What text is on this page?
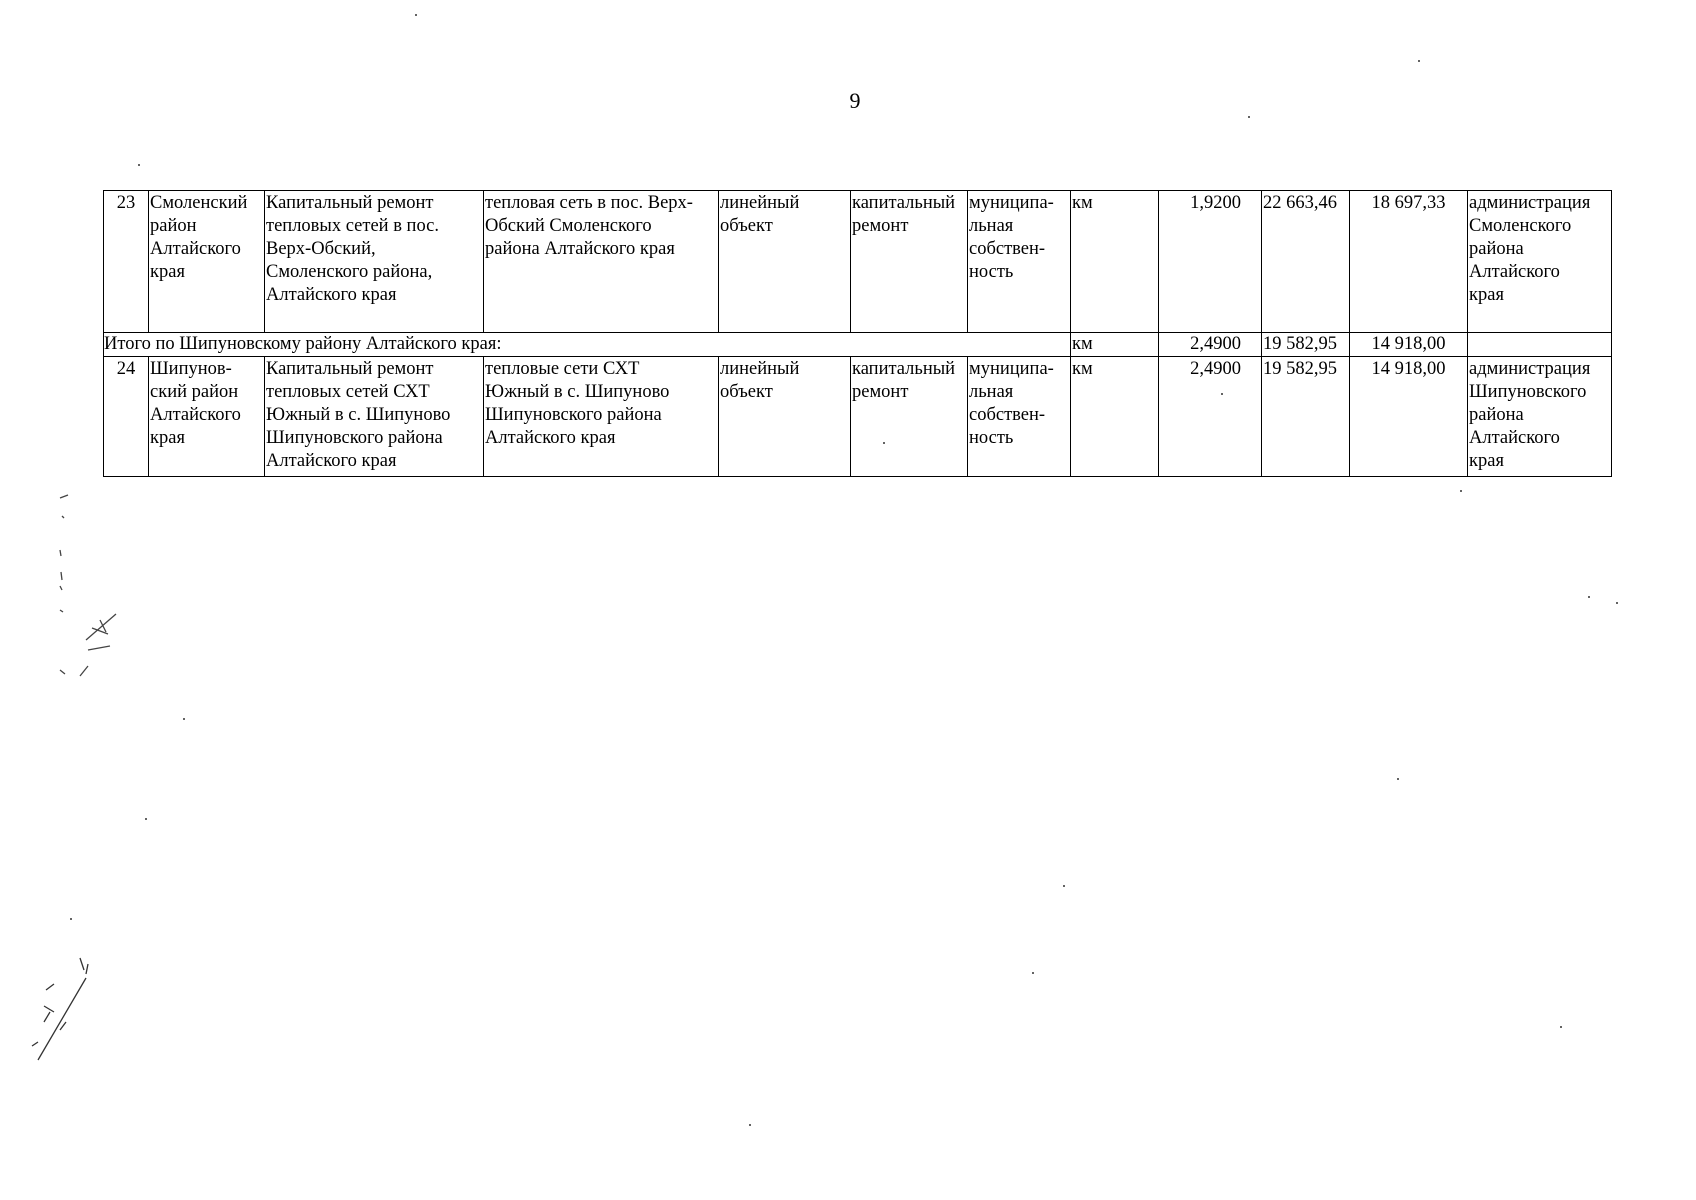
9
23	Смоленский
район
Алтайского
края	Капитальный ремонт
тепловых сетей в пос.
Верх-Обский,
Смоленского района,
Алтайского края	тепловая сеть в пос. Верх-
Обский Смоленского
района Алтайского края	линейный
объект	капитальный
ремонт	муниципа-
льная
собствен-
ность	км	1,9200	22 663,46	18 697,33	администрация
Смоленского
района
Алтайского
края

Итого по Шипуновскому району Алтайского края:							км	2,4900	19 582,95	14 918,00	
24	Шипунов-
ский район
Алтайского
края	Капитальный ремонт
тепловых сетей СХТ
Южный в с. Шипуново
Шипуновского района
Алтайского края	тепловые сети СХТ
Южный в с. Шипуново
Шипуновского района
Алтайского края	линейный
объект	капитальный
ремонт	муниципа-
льная
собствен-
ность	км	2,4900	19 582,95	14 918,00	администрация
Шипуновского
района
Алтайского
края
